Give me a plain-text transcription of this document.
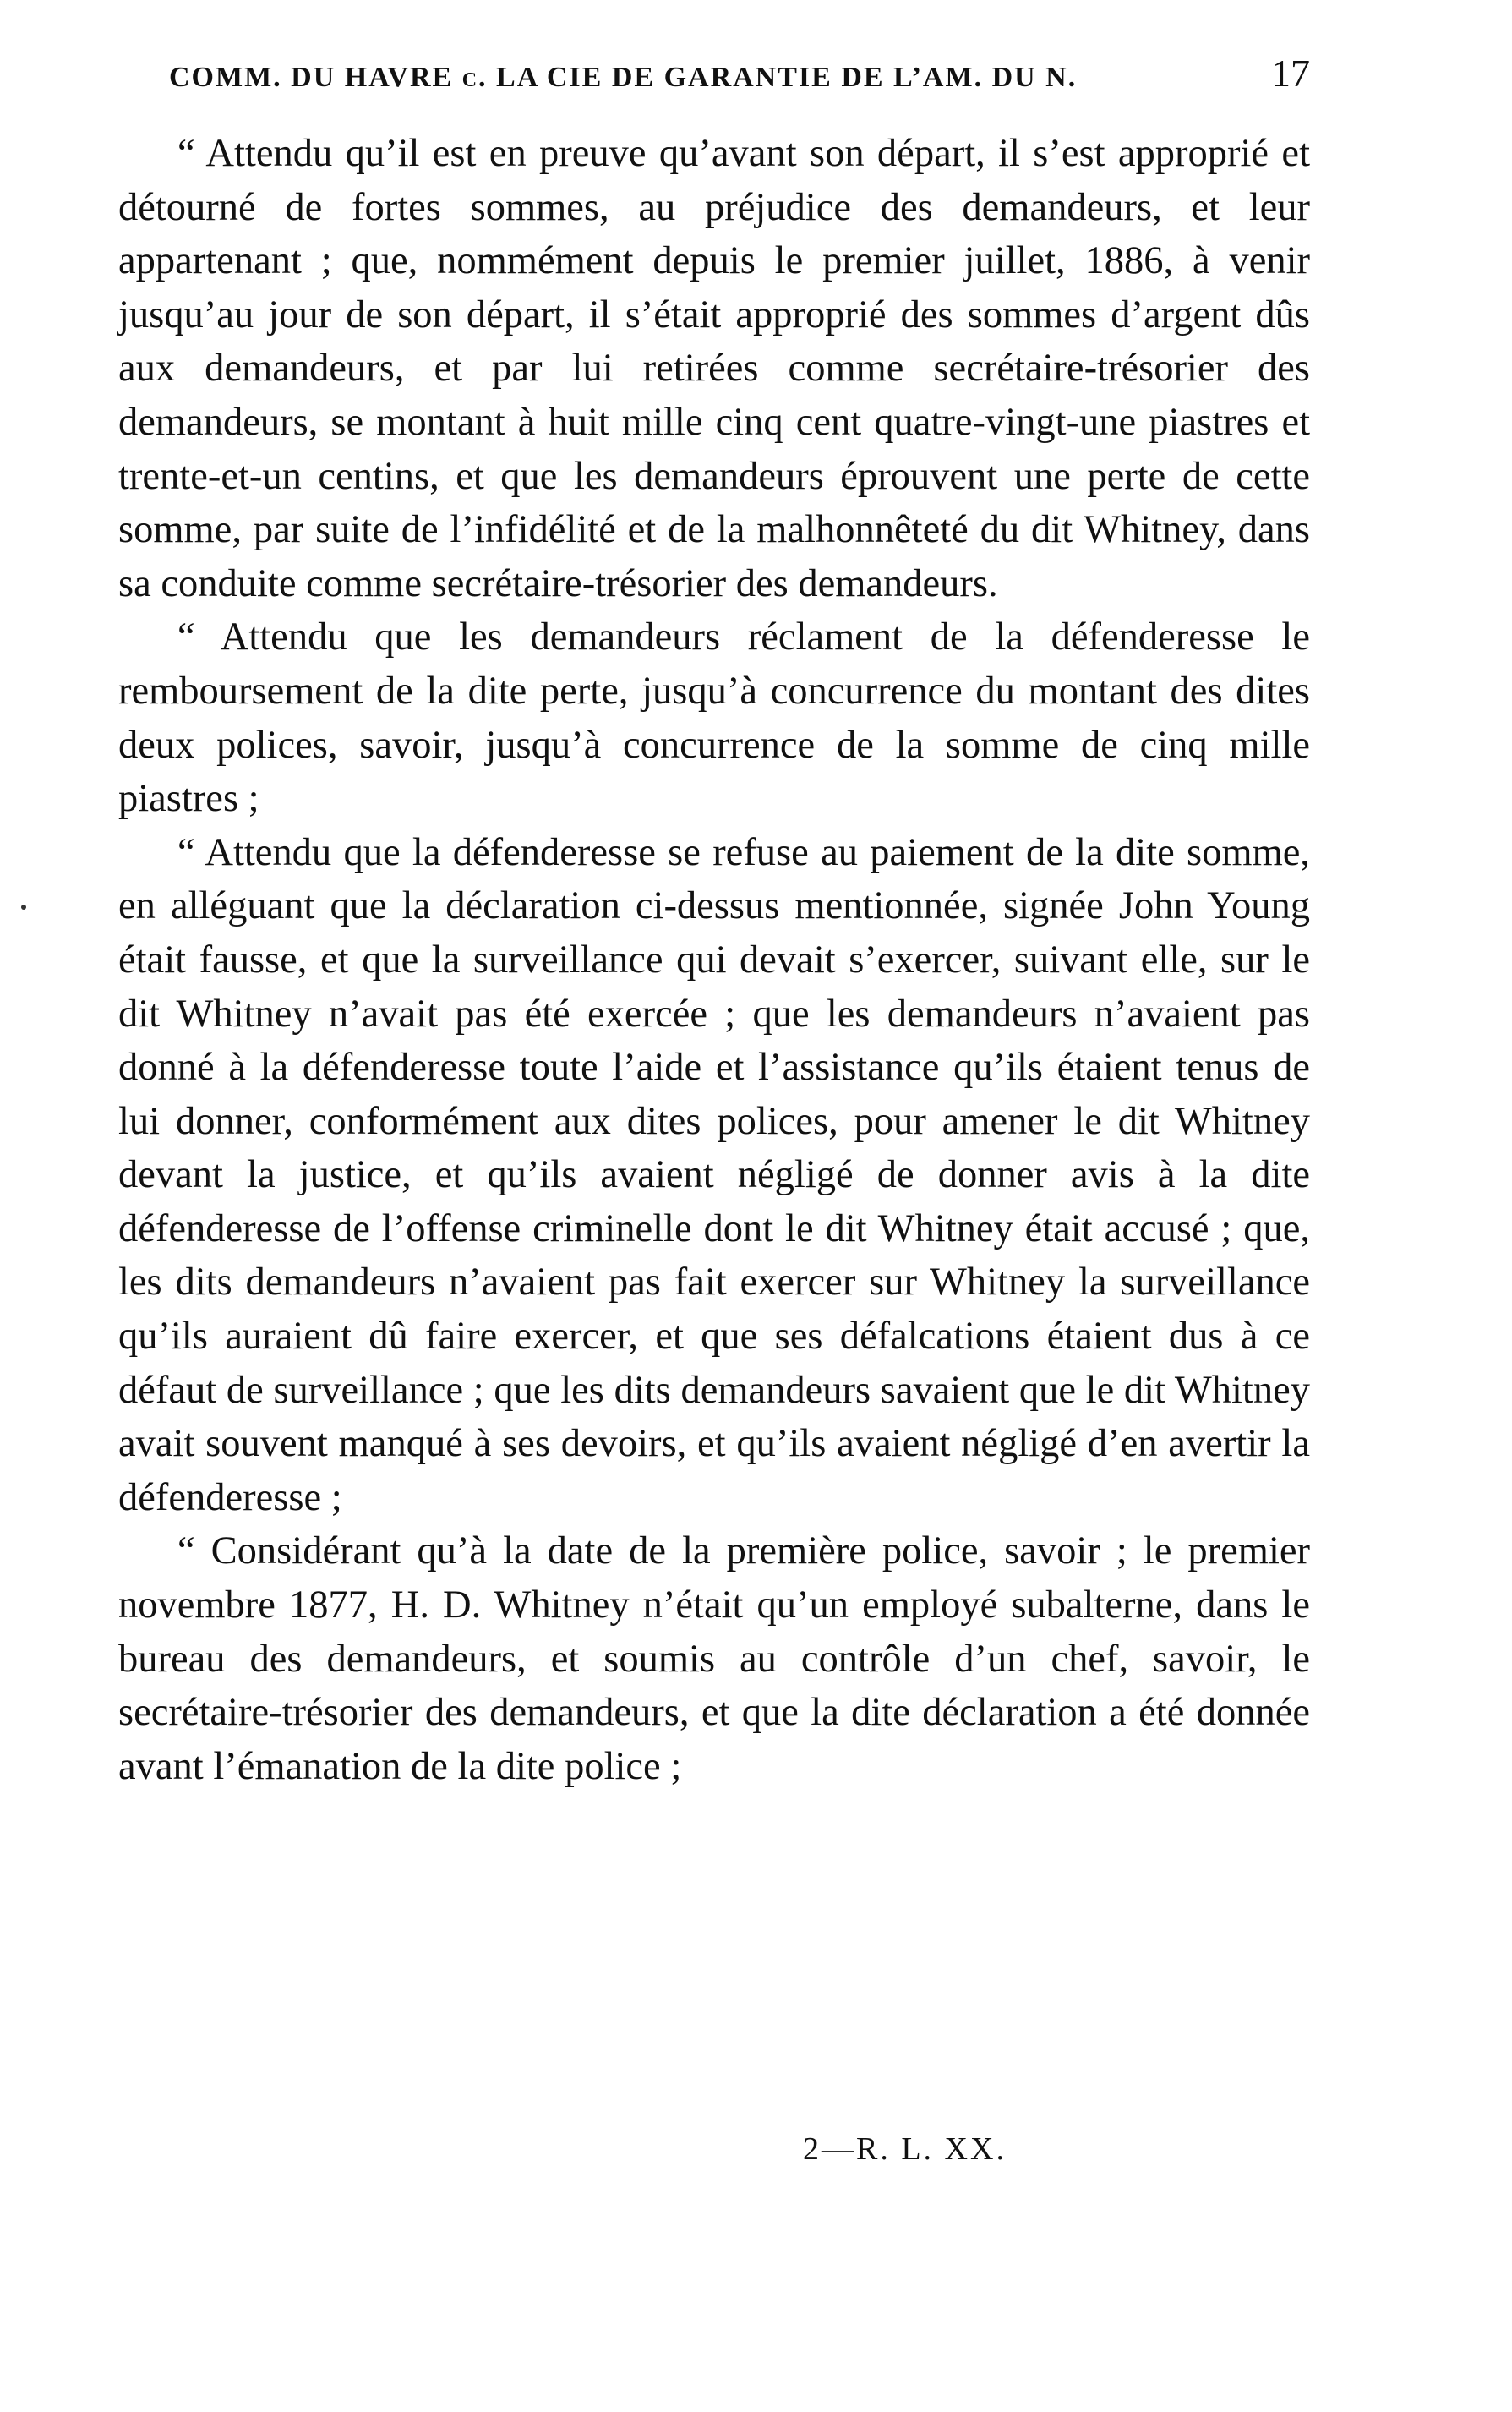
COMM. DU HAVRE c. LA CIE DE GARANTIE DE L’AM. DU N.	17

“ Attendu qu’il est en preuve qu’avant son départ, il s’est approprié et détourné de fortes sommes, au préjudice des demandeurs, et leur appartenant ; que, nommément depuis le premier juillet, 1886, à venir jusqu’au jour de son départ, il s’était approprié des sommes d’argent dûs aux demandeurs, et par lui retirées comme secrétaire-trésorier des demandeurs, se montant à huit mille cinq cent quatre-vingt-une piastres et trente-et-un centins, et que les demandeurs éprouvent une perte de cette somme, par suite de l’infidélité et de la malhonnêteté du dit Whitney, dans sa conduite comme secrétaire-trésorier des demandeurs.

“ Attendu que les demandeurs réclament de la défenderesse le remboursement de la dite perte, jusqu’à concurrence du montant des dites deux polices, savoir, jusqu’à concurrence de la somme de cinq mille piastres ;

“ Attendu que la défenderesse se refuse au paiement de la dite somme, en alléguant que la déclaration ci-dessus mentionnée, signée John Young était fausse, et que la surveillance qui devait s’exercer, suivant elle, sur le dit Whitney n’avait pas été exercée ; que les demandeurs n’avaient pas donné à la défenderesse toute l’aide et l’assistance qu’ils étaient tenus de lui donner, conformément aux dites polices, pour amener le dit Whitney devant la justice, et qu’ils avaient négligé de donner avis à la dite défenderesse de l’offense criminelle dont le dit Whitney était accusé ; que, les dits demandeurs n’avaient pas fait exercer sur Whitney la surveillance qu’ils auraient dû faire exercer, et que ses défalcations étaient dus à ce défaut de surveillance ; que les dits demandeurs savaient que le dit Whitney avait souvent manqué à ses devoirs, et qu’ils avaient négligé d’en avertir la défenderesse ;

“ Considérant qu’à la date de la première police, savoir ; le premier novembre 1877, H. D. Whitney n’était qu’un employé subalterne, dans le bureau des demandeurs, et soumis au contrôle d’un chef, savoir, le secrétaire-trésorier des demandeurs, et que la dite déclaration a été donnée avant l’émanation de la dite police ;

2—R. L. XX.
